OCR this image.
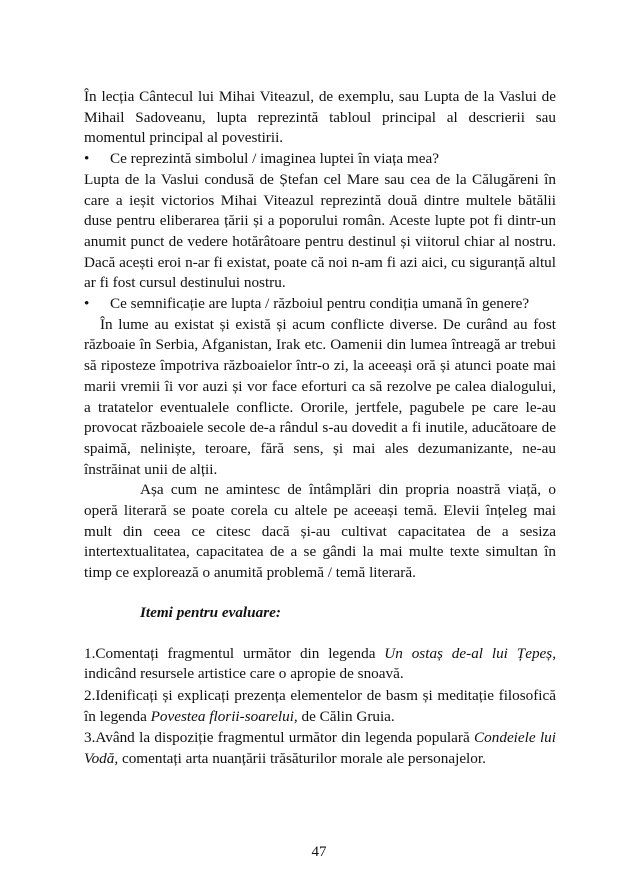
În lecția Cântecul lui Mihai Viteazul, de exemplu, sau Lupta de la Vaslui de Mihail Sadoveanu, lupta reprezintă tabloul principal al descrierii sau momentul principal al povestirii.

• Ce reprezintă simbolul / imaginea luptei în viața mea?

Lupta de la Vaslui condusă de Ștefan cel Mare sau cea de la Călugăreni în care a ieșit victorios Mihai Viteazul reprezintă două dintre multele bătălii duse pentru eliberarea țării și a poporului român. Aceste lupte pot fi dintr-un anumit punct de vedere hotărâtoare pentru destinul și viitorul chiar al nostru. Dacă acești eroi n-ar fi existat, poate că noi n-am fi azi aici, cu siguranță altul ar fi fost cursul destinului nostru.

• Ce semnificație are lupta / războiul pentru condiția umană în genere?

În lume au existat și există și acum conflicte diverse. De curând au fost războaie în Serbia, Afganistan, Irak etc. Oamenii din lumea întreagă ar trebui să riposteze împotriva războaielor într-o zi, la aceeași oră și atunci poate mai marii vremii îi vor auzi și vor face eforturi ca să rezolve pe calea dialogului, a tratatelor eventualele conflicte. Ororile, jertfele, pagubele pe care le-au provocat războaiele secole de-a rândul s-au dovedit a fi inutile, aducătoare de spaimă, neliniște, teroare, fără sens, și mai ales dezumanizante, ne-au înstrăinat unii de alții.

Așa cum ne amintesc de întâmplări din propria noastră viață, o operă literară se poate corela cu altele pe aceeași temă. Elevii înțeleg mai mult din ceea ce citesc dacă și-au cultivat capacitatea de a sesiza intertextualitatea, capacitatea de a se gândi la mai multe texte simultan în timp ce explorează o anumită problemă / temă literară.

Itemi pentru evaluare:

1.Comentați fragmentul următor din legenda Un ostaș de-al lui Țepeș, indicând resursele artistice care o apropie de snoavă.

2.Idenificați și explicați prezența elementelor de basm și meditație filosofică în legenda Povestea florii-soarelui, de Călin Gruia.

3.Având la dispoziție fragmentul următor din legenda populară Condeiele lui Vodă, comentați arta nuanțării trăsăturilor morale ale personajelor.

47
